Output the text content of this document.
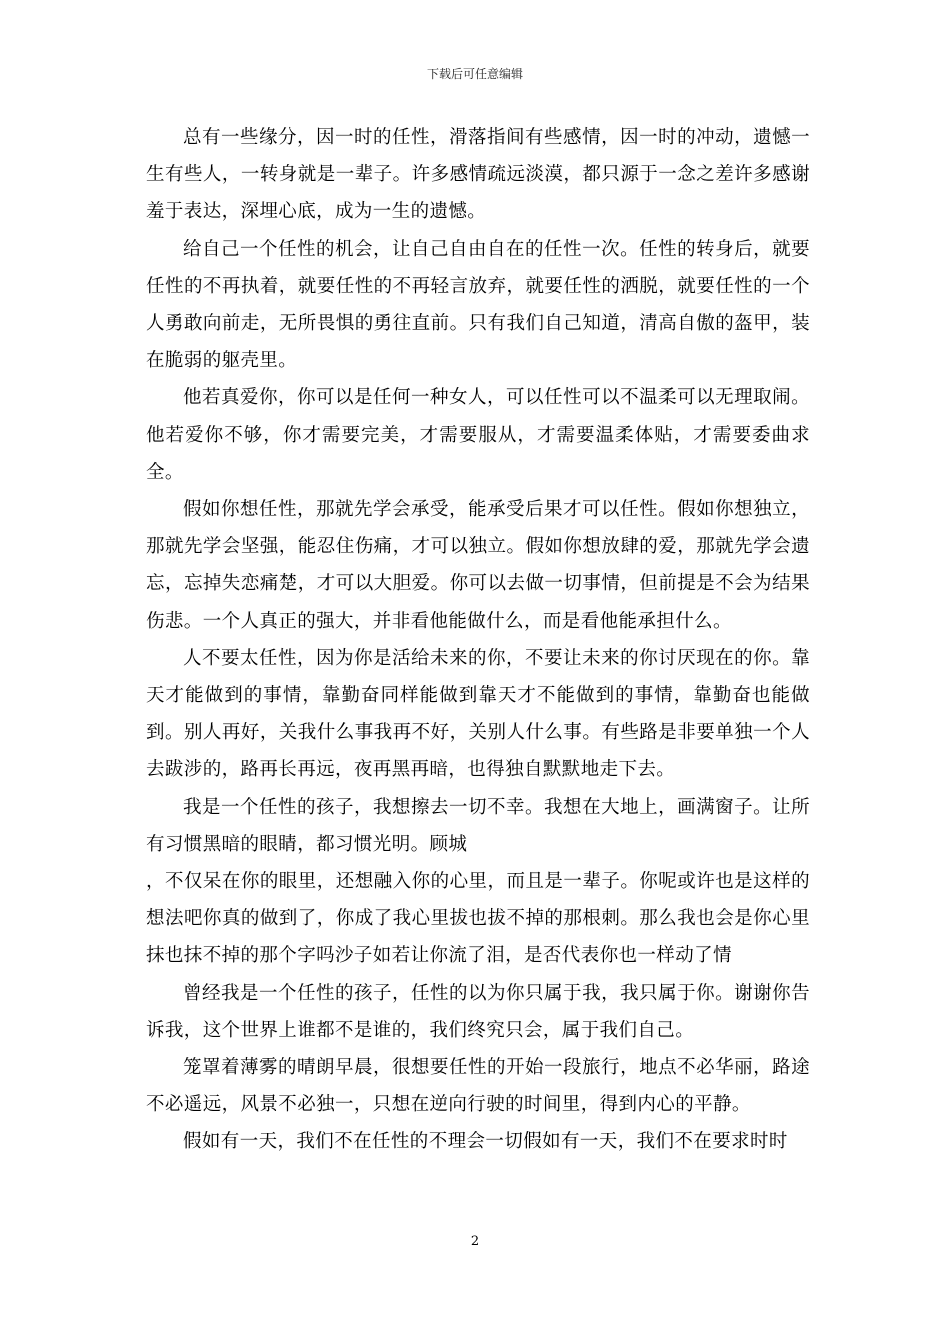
下载后可任意编辑

总有一些缘分，因一时的任性，滑落指间有些感情，因一时的冲动，遗憾一生有些人，一转身就是一辈子。许多感情疏远淡漠，都只源于一念之差许多感谢羞于表达，深埋心底，成为一生的遗憾。

给自己一个任性的机会，让自己自由自在的任性一次。任性的转身后，就要任性的不再执着，就要任性的不再轻言放弃，就要任性的洒脱，就要任性的一个人勇敢向前走，无所畏惧的勇往直前。只有我们自己知道，清高自傲的盔甲，装在脆弱的躯壳里。

他若真爱你，你可以是任何一种女人，可以任性可以不温柔可以无理取闹。他若爱你不够，你才需要完美，才需要服从，才需要温柔体贴，才需要委曲求全。

假如你想任性，那就先学会承受，能承受后果才可以任性。假如你想独立，那就先学会坚强，能忍住伤痛，才可以独立。假如你想放肆的爱，那就先学会遗忘，忘掉失恋痛楚，才可以大胆爱。你可以去做一切事情，但前提是不会为结果伤悲。一个人真正的强大，并非看他能做什么，而是看他能承担什么。

人不要太任性，因为你是活给未来的你，不要让未来的你讨厌现在的你。靠天才能做到的事情，靠勤奋同样能做到靠天才不能做到的事情，靠勤奋也能做到。别人再好，关我什么事我再不好，关别人什么事。有些路是非要单独一个人去跋涉的，路再长再远，夜再黑再暗，也得独自默默地走下去。

我是一个任性的孩子，我想擦去一切不幸。我想在大地上，画满窗子。让所有习惯黑暗的眼睛，都习惯光明。顾城

，不仅呆在你的眼里，还想融入你的心里，而且是一辈子。你呢或许也是这样的想法吧你真的做到了，你成了我心里拔也拔不掉的那根刺。那么我也会是你心里抹也抹不掉的那个字吗沙子如若让你流了泪，是否代表你也一样动了情

曾经我是一个任性的孩子，任性的以为你只属于我，我只属于你。谢谢你告诉我，这个世界上谁都不是谁的，我们终究只会，属于我们自己。

笼罩着薄雾的晴朗早晨，很想要任性的开始一段旅行，地点不必华丽，路途不必遥远，风景不必独一，只想在逆向行驶的时间里，得到内心的平静。

假如有一天，我们不在任性的不理会一切假如有一天，我们不在要求时时

2
